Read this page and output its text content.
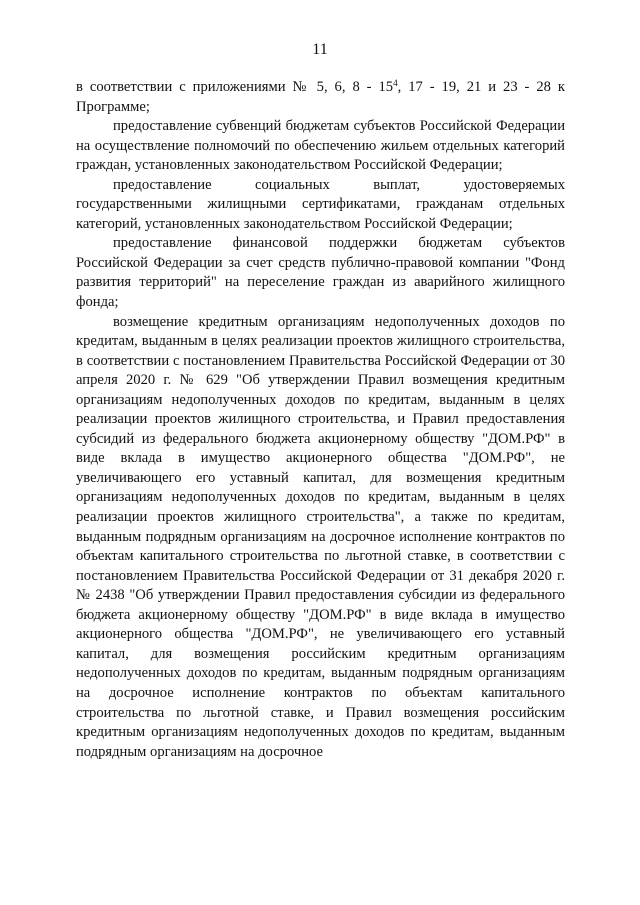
11

в соответствии с приложениями № 5, 6, $8 - 15^4$, 17 - 19, 21 и 23 - 28 к Программе;

предоставление субвенций бюджетам субъектов Российской Федерации на осуществление полномочий по обеспечению жильем отдельных категорий граждан, установленных законодательством Российской Федерации;

предоставление социальных выплат, удостоверяемых государственными жилищными сертификатами, гражданам отдельных категорий, установленных законодательством Российской Федерации;

предоставление финансовой поддержки бюджетам субъектов Российской Федерации за счет средств публично-правовой компании "Фонд развития территорий" на переселение граждан из аварийного жилищного фонда;

возмещение кредитным организациям недополученных доходов по кредитам, выданным в целях реализации проектов жилищного строительства, в соответствии с постановлением Правительства Российской Федерации от 30 апреля 2020 г. № 629 "Об утверждении Правил возмещения кредитным организациям недополученных доходов по кредитам, выданным в целях реализации проектов жилищного строительства, и Правил предоставления субсидий из федерального бюджета акционерному обществу "ДОМ.РФ" в виде вклада в имущество акционерного общества "ДОМ.РФ", не увеличивающего его уставный капитал, для возмещения кредитным организациям недополученных доходов по кредитам, выданным в целях реализации проектов жилищного строительства", а также по кредитам, выданным подрядным организациям на досрочное исполнение контрактов по объектам капитального строительства по льготной ставке, в соответствии с постановлением Правительства Российской Федерации от 31 декабря 2020 г. № 2438 "Об утверждении Правил предоставления субсидии из федерального бюджета акционерному обществу "ДОМ.РФ" в виде вклада в имущество акционерного общества "ДОМ.РФ", не увеличивающего его уставный капитал, для возмещения российским кредитным организациям недополученных доходов по кредитам, выданным подрядным организациям на досрочное исполнение контрактов по объектам капитального строительства по льготной ставке, и Правил возмещения российским кредитным организациям недополученных доходов по кредитам, выданным подрядным организациям на досрочное
